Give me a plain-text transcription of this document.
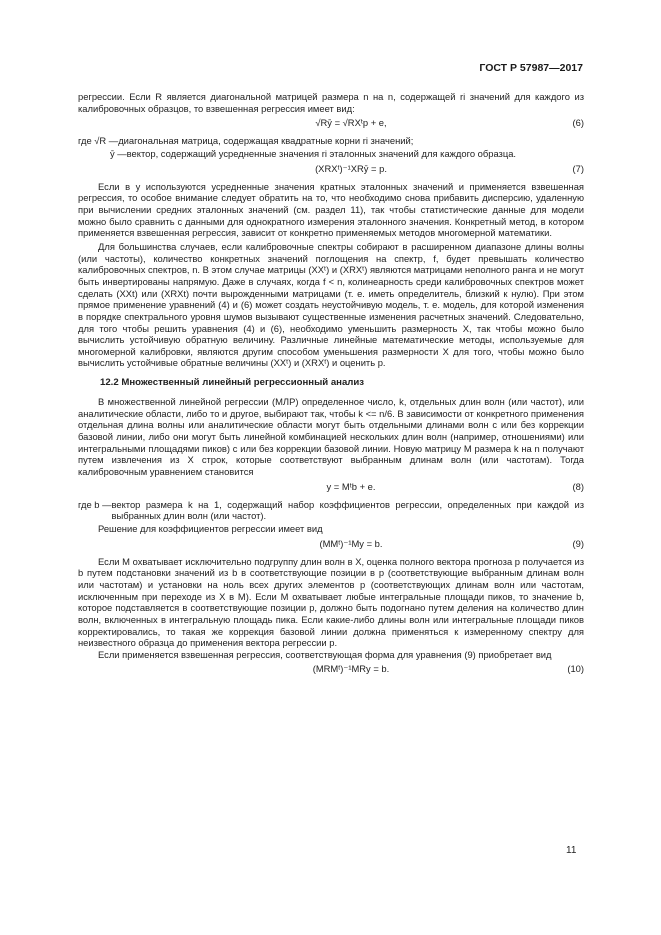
ГОСТ Р 57987—2017

регрессии. Если R является диагональной матрицей размера n на n, содержащей ri значений для каждого из калибровочных образцов, то взвешенная регрессия имеет вид:

√Rȳ = √RXᵗp + e,	(6)
где √R — диагональная матрица, содержащая квадратные корни ri значений;
ȳ — вектор, содержащий усредненные значения ri эталонных значений для каждого образца.
(XRXᵗ)⁻¹XRȳ = p.	(7)

Если в y используются усредненные значения кратных эталонных значений и применяется взвешенная регрессия, то особое внимание следует обратить на то, что необходимо снова прибавить дисперсию, удаленную при вычислении средних эталонных значений (см. раздел 11), так чтобы статистические данные для модели можно было сравнить с данными для однократного измерения эталонного значения. Конкретный метод, в котором применяется взвешенная регрессия, зависит от конкретно применяемых методов многомерной математики.

Для большинства случаев, если калибровочные спектры собирают в расширенном диапазоне длины волны (или частоты), количество конкретных значений поглощения на спектр, f, будет превышать количество калибровочных спектров, n. В этом случае матрицы (XXᵗ) и (XRXᵗ) являются матрицами неполного ранга и не могут быть инвертированы напрямую. Даже в случаях, когда f < n, колинеарность среди калибровочных спектров может сделать (XXt) или (XRXt) почти вырожденными матрицами (т. е. иметь определитель, близкий к нулю). При этом прямое применение уравнений (4) и (6) может создать неустойчивую модель, т. е. модель, для которой изменения в порядке спектрального уровня шумов вызывают существенные изменения расчетных значений. Следовательно, для того чтобы решить уравнения (4) и (6), необходимо уменьшить размерность X, так чтобы можно было вычислить устойчивую обратную величину. Различные линейные математические методы, используемые для многомерной калибровки, являются другим способом уменьшения размерности X для того, чтобы можно было вычислить устойчивые обратные величины (XXᵗ) и (XRXᵗ) и оценить p.

12.2 Множественный линейный регрессионный анализ

В множественной линейной регрессии (МЛР) определенное число, k, отдельных длин волн (или частот), или аналитические области, либо то и другое, выбирают так, чтобы k <= n/6. В зависимости от конкретного применения отдельная длина волны или аналитические области могут быть отдельными длинами волн с или без коррекции базовой линии, либо они могут быть линейной комбинацией нескольких длин волн (например, отношениями) или интегральными площадями пиков) с или без коррекции базовой линии. Новую матрицу M размера k на n получают путем извлечения из X строк, которые соответствуют выбранным длинам волн (или частотам). Тогда калибровочным уравнением становится

y = Mᵗb + e.	(8)
где b — вектор размера k на 1, содержащий набор коэффициентов регрессии, определенных при каждой из выбранных длин волн (или частот).

Решение для коэффициентов регрессии имеет вид

(MMᵗ)⁻¹My = b.	(9)

Если M охватывает исключительно подгруппу длин волн в X, оценка полного вектора прогноза p получается из b путем подстановки значений из b в соответствующие позиции в p (соответствующие выбранным длинам волн или частотам) и установки на ноль всех других элементов p (соответствующих длинам волн или частотам, исключенным при переходе из X в M). Если M охватывает любые интегральные площади пиков, то значение b, которое подставляется в соответствующие позиции p, должно быть подогнано путем деления на количество длин волн, включенных в интегральную площадь пика. Если какие-либо длины волн или интегральные площади пиков корректировались, то такая же коррекция базовой линии должна применяться к измеренному спектру для неизвестного образца до применения вектора регрессии p.

Если применяется взвешенная регрессия, соответствующая форма для уравнения (9) приобретает вид

(MRMᵗ)⁻¹MRy = b.	(10)
11
